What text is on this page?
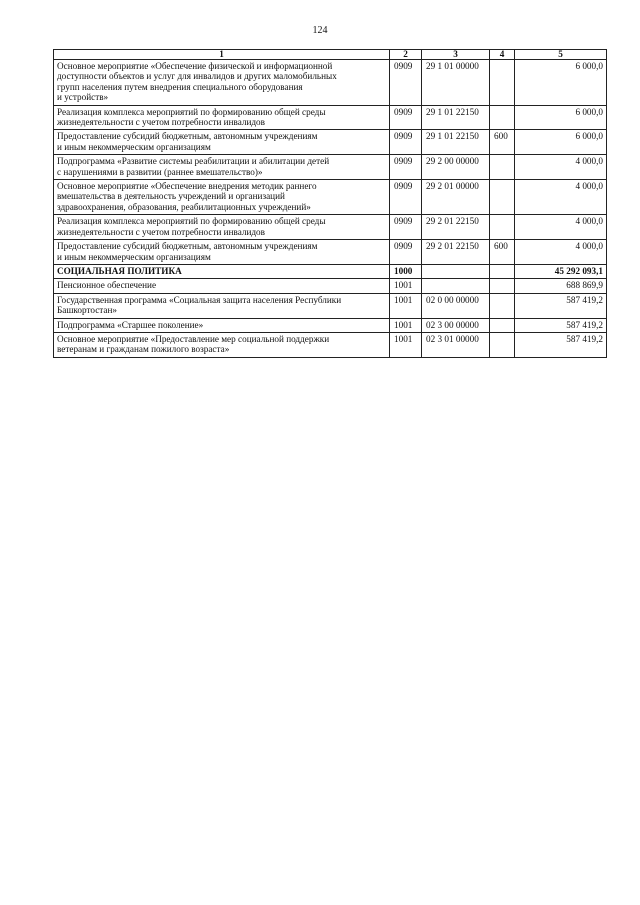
124
1	2	3	4	5
Основное мероприятие «Обеспечение физической и информационной
доступности объектов и услуг для инвалидов и других маломобильных
групп населения путем внедрения специального оборудования
и устройств»	0909	29 1 01 00000		6 000,0
Реализация комплекса мероприятий по формированию общей среды
жизнедеятельности с учетом потребности инвалидов	0909	29 1 01 22150		6 000,0
Предоставление субсидий бюджетным, автономным учреждениям
и иным некоммерческим организациям	0909	29 1 01 22150	600	6 000,0
Подпрограмма «Развитие системы реабилитации и абилитации детей
с нарушениями в развитии (раннее вмешательство)»	0909	29 2 00 00000		4 000,0
Основное мероприятие «Обеспечение внедрения методик раннего
вмешательства в деятельность учреждений и организаций
здравоохранения, образования, реабилитационных учреждений»	0909	29 2 01 00000		4 000,0
Реализация комплекса мероприятий по формированию общей среды
жизнедеятельности с учетом потребности инвалидов	0909	29 2 01 22150		4 000,0
Предоставление субсидий бюджетным, автономным учреждениям
и иным некоммерческим организациям	0909	29 2 01 22150	600	4 000,0
СОЦИАЛЬНАЯ ПОЛИТИКА	1000			45 292 093,1
Пенсионное обеспечение	1001			688 869,9
Государственная программа «Социальная защита населения Республики
Башкортостан»	1001	02 0 00 00000		587 419,2
Подпрограмма «Старшее поколение»	1001	02 3 00 00000		587 419,2
Основное мероприятие «Предоставление мер социальной поддержки
ветеранам и гражданам пожилого возраста»	1001	02 3 01 00000		587 419,2
